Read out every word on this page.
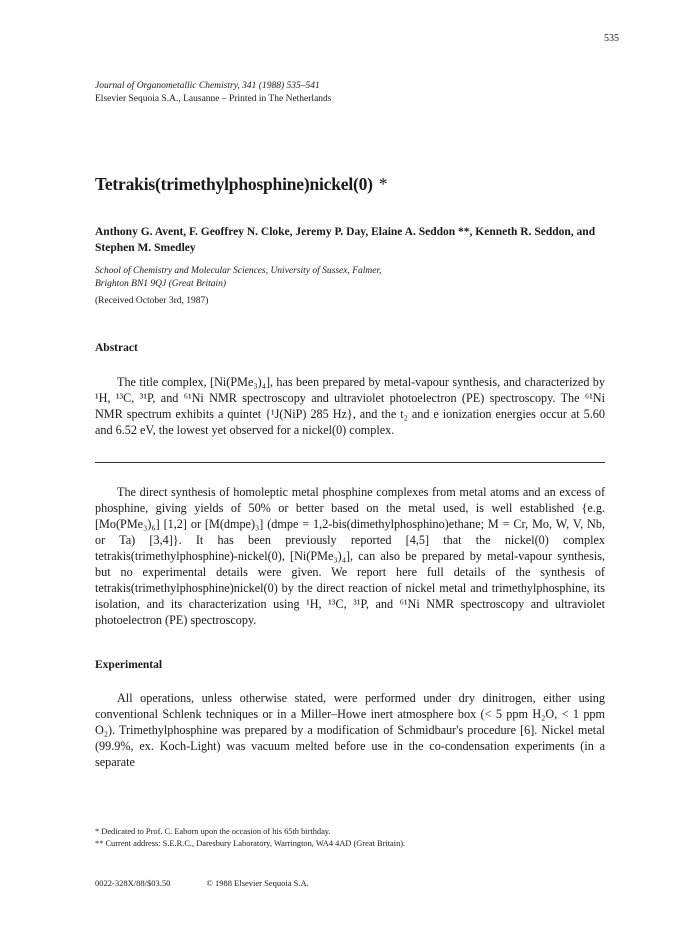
535
Journal of Organometallic Chemistry, 341 (1988) 535–541
Elsevier Sequoia S.A., Lausanne – Printed in The Netherlands
Tetrakis(trimethylphosphine)nickel(0) *
Anthony G. Avent, F. Geoffrey N. Cloke, Jeremy P. Day, Elaine A. Seddon **, Kenneth R. Seddon, and Stephen M. Smedley
School of Chemistry and Molecular Sciences, University of Sussex, Falmer,
Brighton BN1 9QJ (Great Britain)
(Received October 3rd, 1987)
Abstract
The title complex, [Ni(PMe₃)₄], has been prepared by metal-vapour synthesis, and characterized by ¹H, ¹³C, ³¹P, and ⁶¹Ni NMR spectroscopy and ultraviolet photoelectron (PE) spectroscopy. The ⁶¹Ni NMR spectrum exhibits a quintet {¹J(NiP) 285 Hz}, and the t₂ and e ionization energies occur at 5.60 and 6.52 eV, the lowest yet observed for a nickel(0) complex.
The direct synthesis of homoleptic metal phosphine complexes from metal atoms and an excess of phosphine, giving yields of 50% or better based on the metal used, is well established {e.g. [Mo(PMe₃)₆] [1,2] or [M(dmpe)₃] (dmpe = 1,2-bis(dimethylphosphino)ethane; M = Cr, Mo, W, V, Nb, or Ta) [3,4]}. It has been previously reported [4,5] that the nickel(0) complex tetrakis(trimethylphosphine)-nickel(0), [Ni(PMe₃)₄], can also be prepared by metal-vapour synthesis, but no experimental details were given. We report here full details of the synthesis of tetrakis(trimethylphosphine)nickel(0) by the direct reaction of nickel metal and trimethylphosphine, its isolation, and its characterization using ¹H, ¹³C, ³¹P, and ⁶¹Ni NMR spectroscopy and ultraviolet photoelectron (PE) spectroscopy.
Experimental
All operations, unless otherwise stated, were performed under dry dinitrogen, either using conventional Schlenk techniques or in a Miller–Howe inert atmosphere box (< 5 ppm H₂O, < 1 ppm O₂). Trimethylphosphine was prepared by a modification of Schmidbaur's procedure [6]. Nickel metal (99.9%, ex. Koch-Light) was vacuum melted before use in the co-condensation experiments (in a separate
* Dedicated to Prof. C. Eaborn upon the occasion of his 65th birthday.
** Current address: S.E.R.C., Daresbury Laboratory, Warrington, WA4 4AD (Great Britain).
0022-328X/88/$03.50	© 1988 Elsevier Sequoia S.A.
